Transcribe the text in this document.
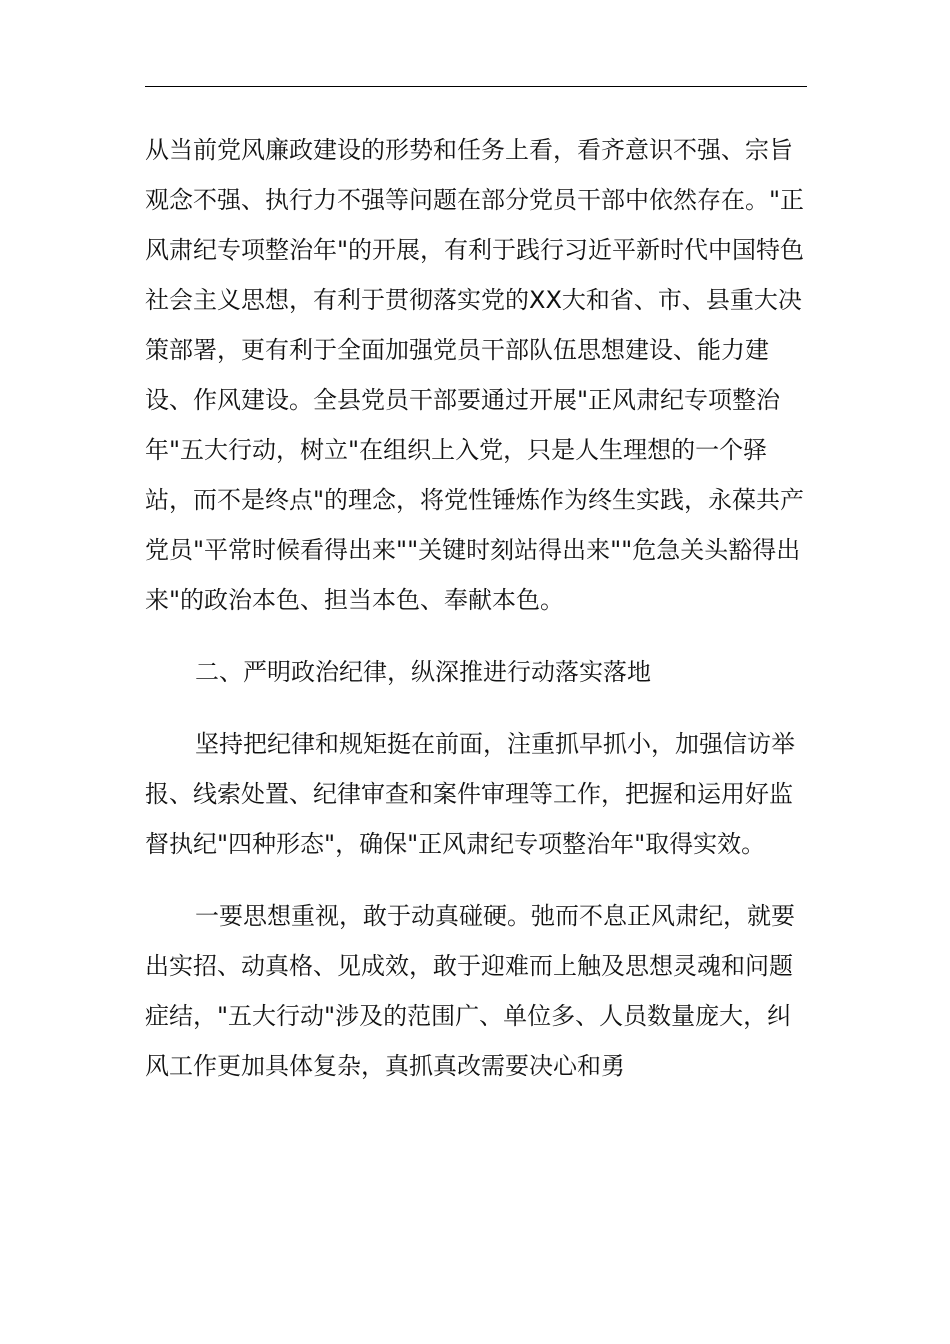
从当前党风廉政建设的形势和任务上看，看齐意识不强、宗旨观念不强、执行力不强等问题在部分党员干部中依然存在。"正风肃纪专项整治年"的开展，有利于践行习近平新时代中国特色社会主义思想，有利于贯彻落实党的XX大和省、市、县重大决策部署，更有利于全面加强党员干部队伍思想建设、能力建设、作风建设。全县党员干部要通过开展"正风肃纪专项整治年"五大行动，树立"在组织上入党，只是人生理想的一个驿站，而不是终点"的理念，将党性锤炼作为终生实践，永葆共产党员"平常时候看得出来""关键时刻站得出来""危急关头豁得出来"的政治本色、担当本色、奉献本色。

二、严明政治纪律，纵深推进行动落实落地

坚持把纪律和规矩挺在前面，注重抓早抓小，加强信访举报、线索处置、纪律审查和案件审理等工作，把握和运用好监督执纪"四种形态"，确保"正风肃纪专项整治年"取得实效。

一要思想重视，敢于动真碰硬。弛而不息正风肃纪，就要出实招、动真格、见成效，敢于迎难而上触及思想灵魂和问题症结，"五大行动"涉及的范围广、单位多、人员数量庞大，纠风工作更加具体复杂，真抓真改需要决心和勇
